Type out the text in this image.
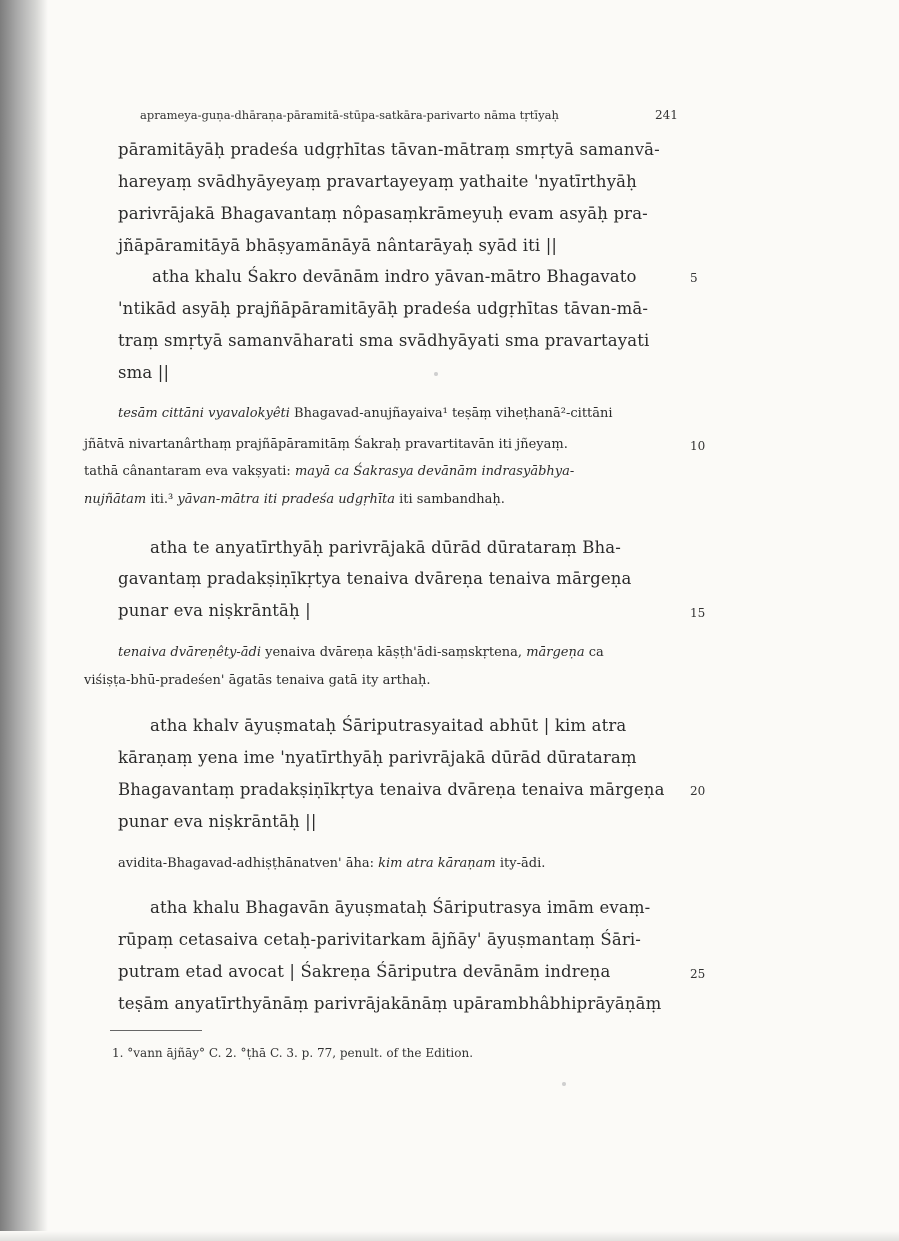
aprameya-guṇa-dhāraṇa-pāramitā-stūpa-satkāra-parivarto nāma tṛtīyaḥ	241
pāramitāyāḥ pradeśa udgṛhītas tāvan-mātraṃ smṛtyā samanvā-
hareyaṃ svādhyāyeyaṃ pravartayeyaṃ yathaite 'nyatīrthyāḥ
parivrājakā Bhagavantaṃ nôpasaṃkrāmeyuḥ evam asyāḥ pra-
jñāpāramitāyā bhāṣyamānāyā nântarāyaḥ syād iti ||
atha khalu Śakro devānām indro yāvan-mātro Bhagavato	5
'ntikād asyāḥ prajñāpāramitāyāḥ pradeśa udgṛhītas tāvan-mā-
traṃ smṛtyā samanvāharati sma svādhyāyati sma pravartayati
sma ||
tesām cittāni vyavalokyêti Bhagavad-anujñayaiva¹ teṣāṃ viheṭhanā²-cittāni
jñātvā nivartanârthaṃ prajñāpāramitāṃ Śakraḥ pravartitavān iti jñeyaṃ.	10
tathā cânantaram eva vakṣyati: mayā ca Śakrasya devānām indrasyābhya-
nujñātam iti.³ yāvan-mātra iti pradeśa udgṛhīta iti sambandhaḥ.
atha te anyatīrthyāḥ parivrājakā dūrād dūrataraṃ Bha-
gavantaṃ pradakṣiṇīkṛtya tenaiva dvāreṇa tenaiva mārgeṇa
punar eva niṣkrāntāḥ |	15
tenaiva dvāreṇêty-ādi yenaiva dvāreṇa kāṣṭh'ādi-saṃskṛtena, mārgeṇa ca
viśiṣṭa-bhū-pradeśen' āgatās tenaiva gatā ity arthaḥ.
atha khalv āyuṣmataḥ Śāriputrasyaitad abhūt | kim atra
kāraṇaṃ yena ime 'nyatīrthyāḥ parivrājakā dūrād dūrataraṃ
Bhagavantaṃ pradakṣiṇīkṛtya tenaiva dvāreṇa tenaiva mārgeṇa 20
punar eva niṣkrāntāḥ ||
avidita-Bhagavad-adhiṣṭhānatven' āha: kim atra kāraṇam ity-ādi.
atha khalu Bhagavān āyuṣmataḥ Śāriputrasya imām evaṃ-
rūpaṃ cetasaiva cetaḥ-parivitarkam ājñāy' āyuṣmantaṃ Śāri-
putram etad avocat | Śakreṇa Śāriputra devānām indreṇa	25
teṣām anyatīrthyānāṃ parivrājakānāṃ upārambhâbhiprāyāṇāṃ
1. °vann ājñāy° C. 2. °ṭhā C. 3. p. 77, penult. of the Edition.
